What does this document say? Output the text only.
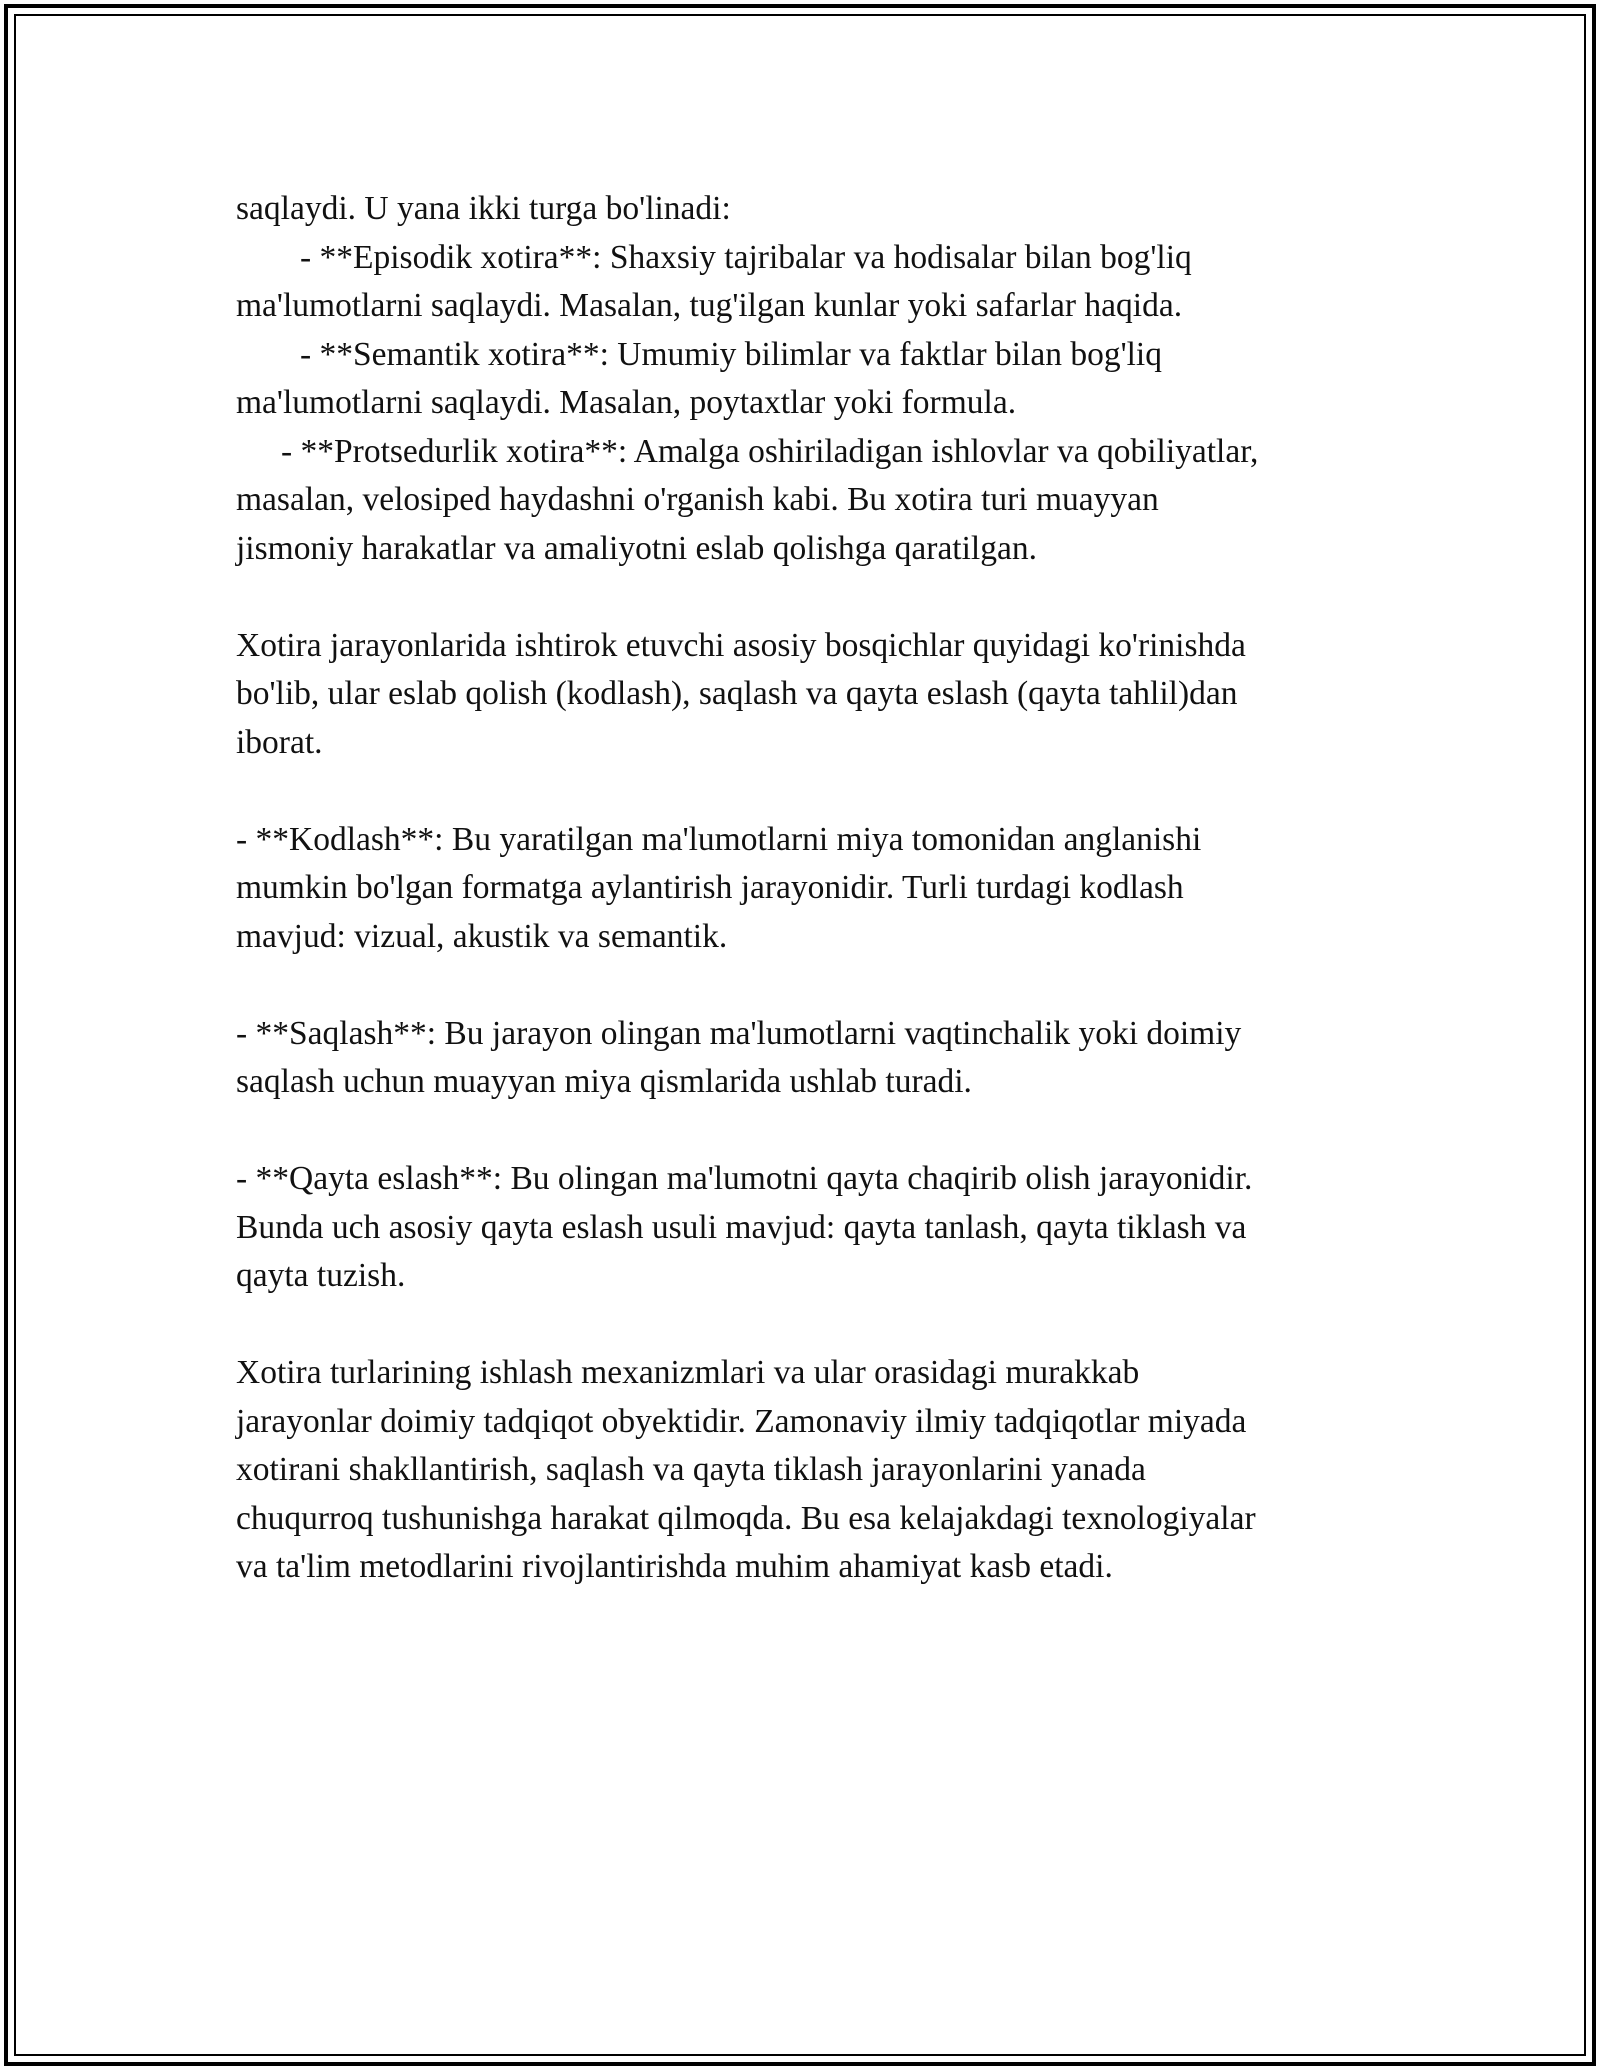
saqlaydi. U yana ikki turga bo'linadi:
- **Episodik xotira**: Shaxsiy tajribalar va hodisalar bilan bog'liq
ma'lumotlarni saqlaydi. Masalan, tug'ilgan kunlar yoki safarlar haqida.
- **Semantik xotira**: Umumiy bilimlar va faktlar bilan bog'liq
ma'lumotlarni saqlaydi. Masalan, poytaxtlar yoki formula.
- **Protsedurlik xotira**: Amalga oshiriladigan ishlovlar va qobiliyatlar,
masalan, velosiped haydashni o'rganish kabi. Bu xotira turi muayyan
jismoniy harakatlar va amaliyotni eslab qolishga qaratilgan.
Xotira jarayonlarida ishtirok etuvchi asosiy bosqichlar quyidagi ko'rinishda
bo'lib, ular eslab qolish (kodlash), saqlash va qayta eslash (qayta tahlil)dan
iborat.
- **Kodlash**: Bu yaratilgan ma'lumotlarni miya tomonidan anglanishi
mumkin bo'lgan formatga aylantirish jarayonidir. Turli turdagi kodlash
mavjud: vizual, akustik va semantik.
- **Saqlash**: Bu jarayon olingan ma'lumotlarni vaqtinchalik yoki doimiy
saqlash uchun muayyan miya qismlarida ushlab turadi.
- **Qayta eslash**: Bu olingan ma'lumotni qayta chaqirib olish jarayonidir.
Bunda uch asosiy qayta eslash usuli mavjud: qayta tanlash, qayta tiklash va
qayta tuzish.
Xotira turlarining ishlash mexanizmlari va ular orasidagi murakkab
jarayonlar doimiy tadqiqot obyektidir. Zamonaviy ilmiy tadqiqotlar miyada
xotirani shakllantirish, saqlash va qayta tiklash jarayonlarini yanada
chuqurroq tushunishga harakat qilmoqda. Bu esa kelajakdagi texnologiyalar
va ta'lim metodlarini rivojlantirishda muhim ahamiyat kasb etadi.
